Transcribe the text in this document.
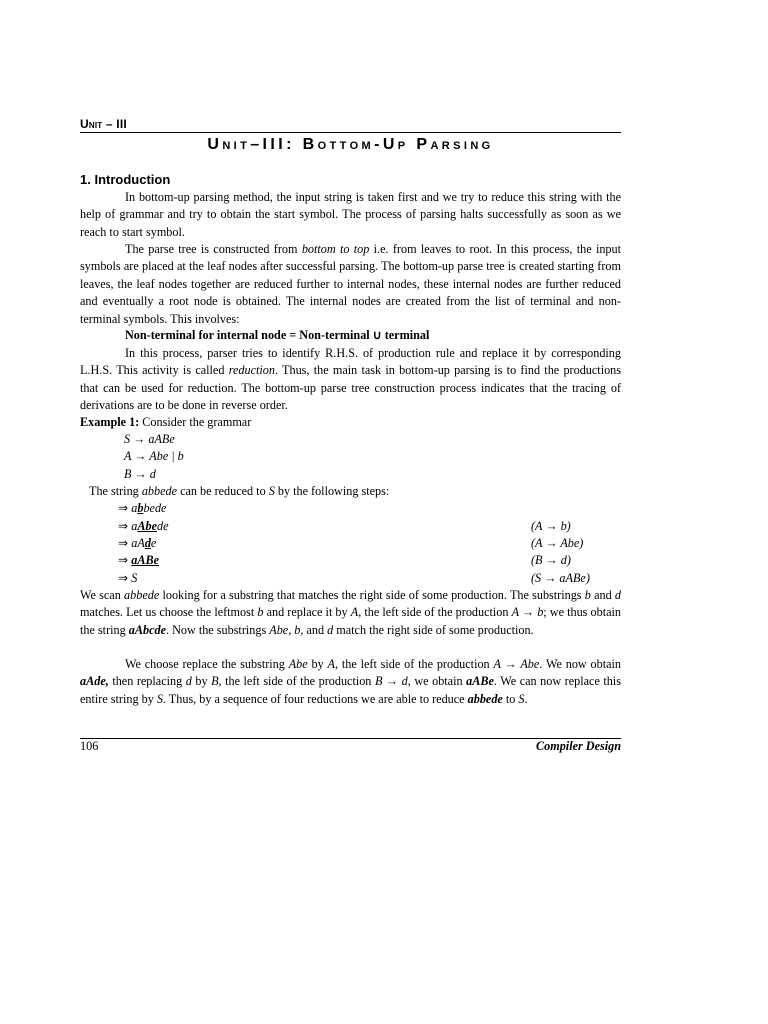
Unit – III
Unit–III: Bottom-Up Parsing
1. Introduction

In bottom-up parsing method, the input string is taken first and we try to reduce this string with the help of grammar and try to obtain the start symbol. The process of parsing halts successfully as soon as we reach to start symbol.

The parse tree is constructed from bottom to top i.e. from leaves to root. In this process, the input symbols are placed at the leaf nodes after successful parsing. The bottom-up parse tree is created starting from leaves, the leaf nodes together are reduced further to internal nodes, these internal nodes are further reduced and eventually a root node is obtained. The internal nodes are created from the list of terminal and non-terminal symbols. This involves:

Non-terminal for internal node = Non-terminal ∪ terminal

In this process, parser tries to identify R.H.S. of production rule and replace it by corresponding L.H.S. This activity is called reduction. Thus, the main task in bottom-up parsing is to find the productions that can be used for reduction. The bottom-up parse tree construction process indicates that the tracing of derivations are to be done in reverse order.

Example 1: Consider the grammar
S → aABe
A → Abe | b
B → d
The string abbede can be reduced to S by the following steps:
⇒ abbede
⇒ aAbede	(A → b)
⇒ aAde	(A → Abe)
⇒ aABe	(B → d)
⇒ S	(S → aABe)

We scan abbede looking for a substring that matches the right side of some production. The substrings b and d matches. Let us choose the leftmost b and replace it by A, the left side of the production A → b; we thus obtain the string aAbcde. Now the substrings Abe, b, and d match the right side of some production.

We choose replace the substring Abe by A, the left side of the production A → Abe. We now obtain aAde, then replacing d by B, the left side of the production B → d, we obtain aABe. We can now replace this entire string by S. Thus, by a sequence of four reductions we are able to reduce abbede to S.

106	Compiler Design
